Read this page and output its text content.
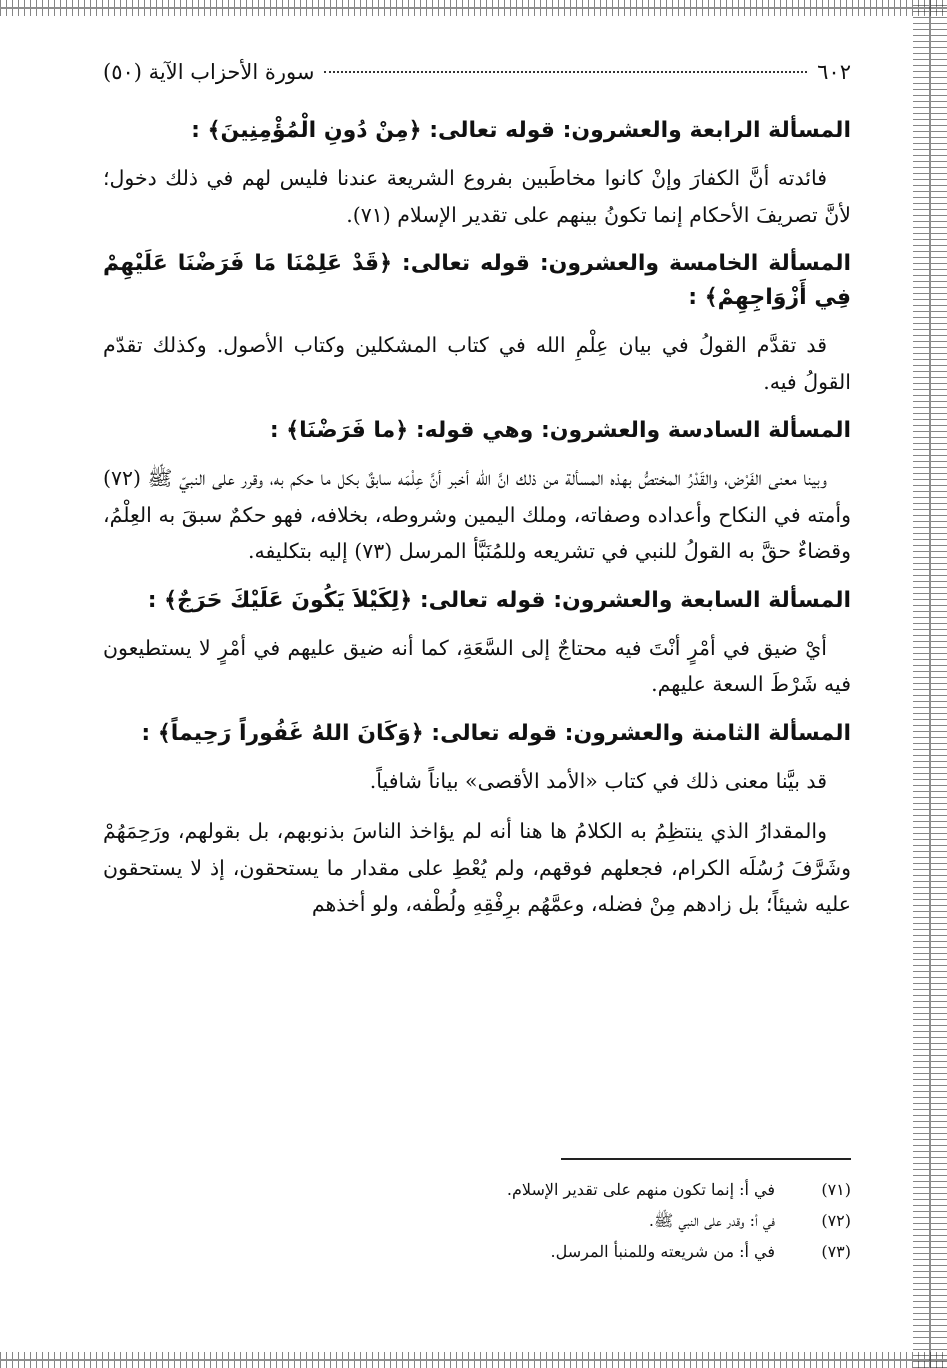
٦٠٢
سورة الأحزاب الآية (٥٠)
المسألة الرابعة والعشرون: قوله تعالى: ﴿مِنْ دُونِ الْمُؤْمِنِينَ﴾ :

فائدته أنَّ الكفارَ وإنْ كانوا مخاطَبين بفروع الشريعة عندنا فليس لهم في ذلك دخول؛ لأنَّ تصريفَ الأحكام إنما تكونُ بينهم على تقدير الإسلام (٧١).

المسألة الخامسة والعشرون: قوله تعالى: ﴿قَدْ عَلِمْنَا مَا فَرَضْنَا عَلَيْهِمْ فِي أَزْوَاجِهِمْ﴾ :

قد تقدَّم القولُ في بيان عِلْمِ الله في كتاب المشكلين وكتاب الأصول. وكذلك تقدّم القولُ فيه.

المسألة السادسة والعشرون: وهي قوله: ﴿ما فَرَضْنَا﴾ :

وبينا معنى الفَرْض، والقَدْرُ المختصُّ بهذه المسألة من ذلك انَّ الله أخبر أنَّ عِلْمَه سابقٌ بكل ما حكم به، وقرر على النبيّ ﷺ (٧٢) وأمته في النكاح وأعداده وصفاته، وملك اليمين وشروطه، بخلافه، فهو حكمٌ سبقَ به العِلْمُ، وقضاءٌ حقَّ به القولُ للنبي في تشريعه وللمُنَبَّأ المرسل (٧٣) إليه بتكليفه.

المسألة السابعة والعشرون: قوله تعالى: ﴿لِكَيْلاَ يَكُونَ عَلَيْكَ حَرَجٌ﴾ :

أيْ ضيق في أمْرٍ أنْتَ فيه محتاجٌ إلى السَّعَةِ، كما أنه ضيق عليهم في أمْرٍ لا يستطيعون فيه شَرْطَ السعة عليهم.

المسألة الثامنة والعشرون: قوله تعالى: ﴿وَكَانَ اللهُ غَفُوراً رَحِيماً﴾ :

قد بيَّنا معنى ذلك في كتاب «الأمد الأقصى» بياناً شافياً.

والمقدارُ الذي ينتظِمُ به الكلامُ ها هنا أنه لم يؤاخذ الناسَ بذنوبهم، بل بقولهم، ورَحِمَهُمْ وشَرَّفَ رُسُلَه الكرام، فجعلهم فوقهم، ولم يُعْطِ على مقدار ما يستحقون، إذ لا يستحقون عليه شيئاً؛ بل زادهم مِنْ فضله، وعمَّهُم برِفْقِهِ ولُطْفه، ولو أخذهم

(٧١)
في أ: إنما تكون منهم على تقدير الإسلام.
(٧٢)
في أ: وقدر على النبي ﷺ.
(٧٣)
في أ: من شريعته وللمنبأ المرسل.
